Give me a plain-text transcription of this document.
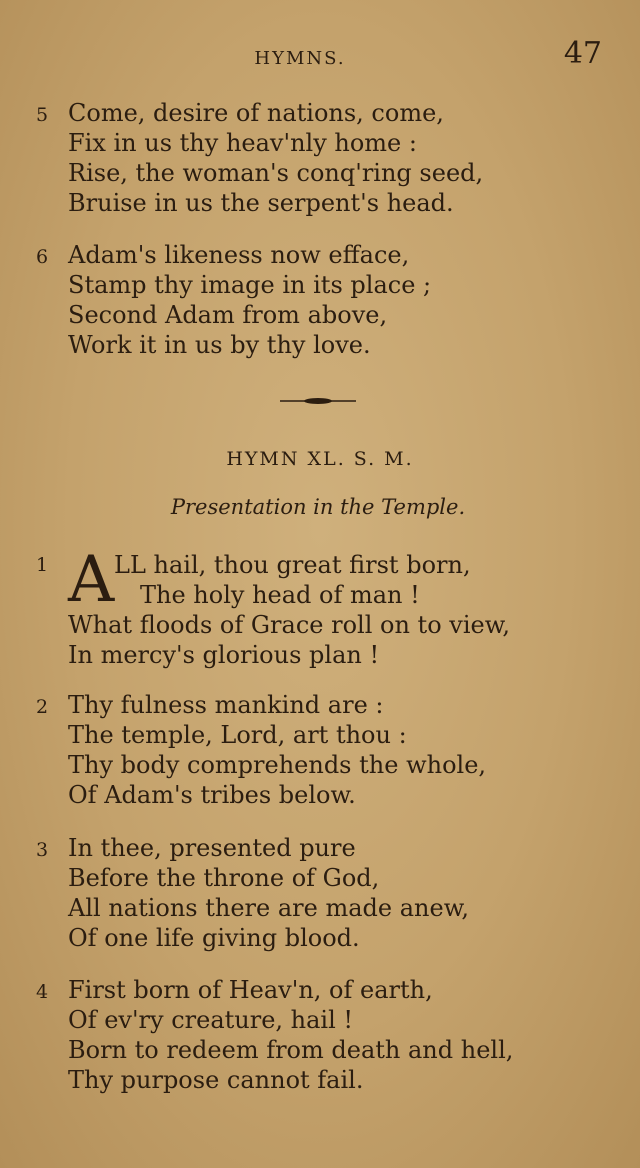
HYMNS.	47
5 Come, desire of nations, come,
Fix in us thy heav'nly home :
Rise, the woman's conq'ring seed,
Bruise in us the serpent's head.
6 Adam's likeness now efface,
Stamp thy image in its place ;
Second Adam from above,
Work it in us by thy love.
HYMN XL. S. M.
Presentation in the Temple.
1 A LL hail, thou great first born,
The holy head of man !
What floods of Grace roll on to view,
In mercy's glorious plan !
2 Thy fulness mankind are :
The temple, Lord, art thou :
Thy body comprehends the whole,
Of Adam's tribes below.
3 In thee, presented pure
Before the throne of God,
All nations there are made anew,
Of one life giving blood.
4 First born of Heav'n, of earth,
Of ev'ry creature, hail !
Born to redeem from death and hell,
Thy purpose cannot fail.
